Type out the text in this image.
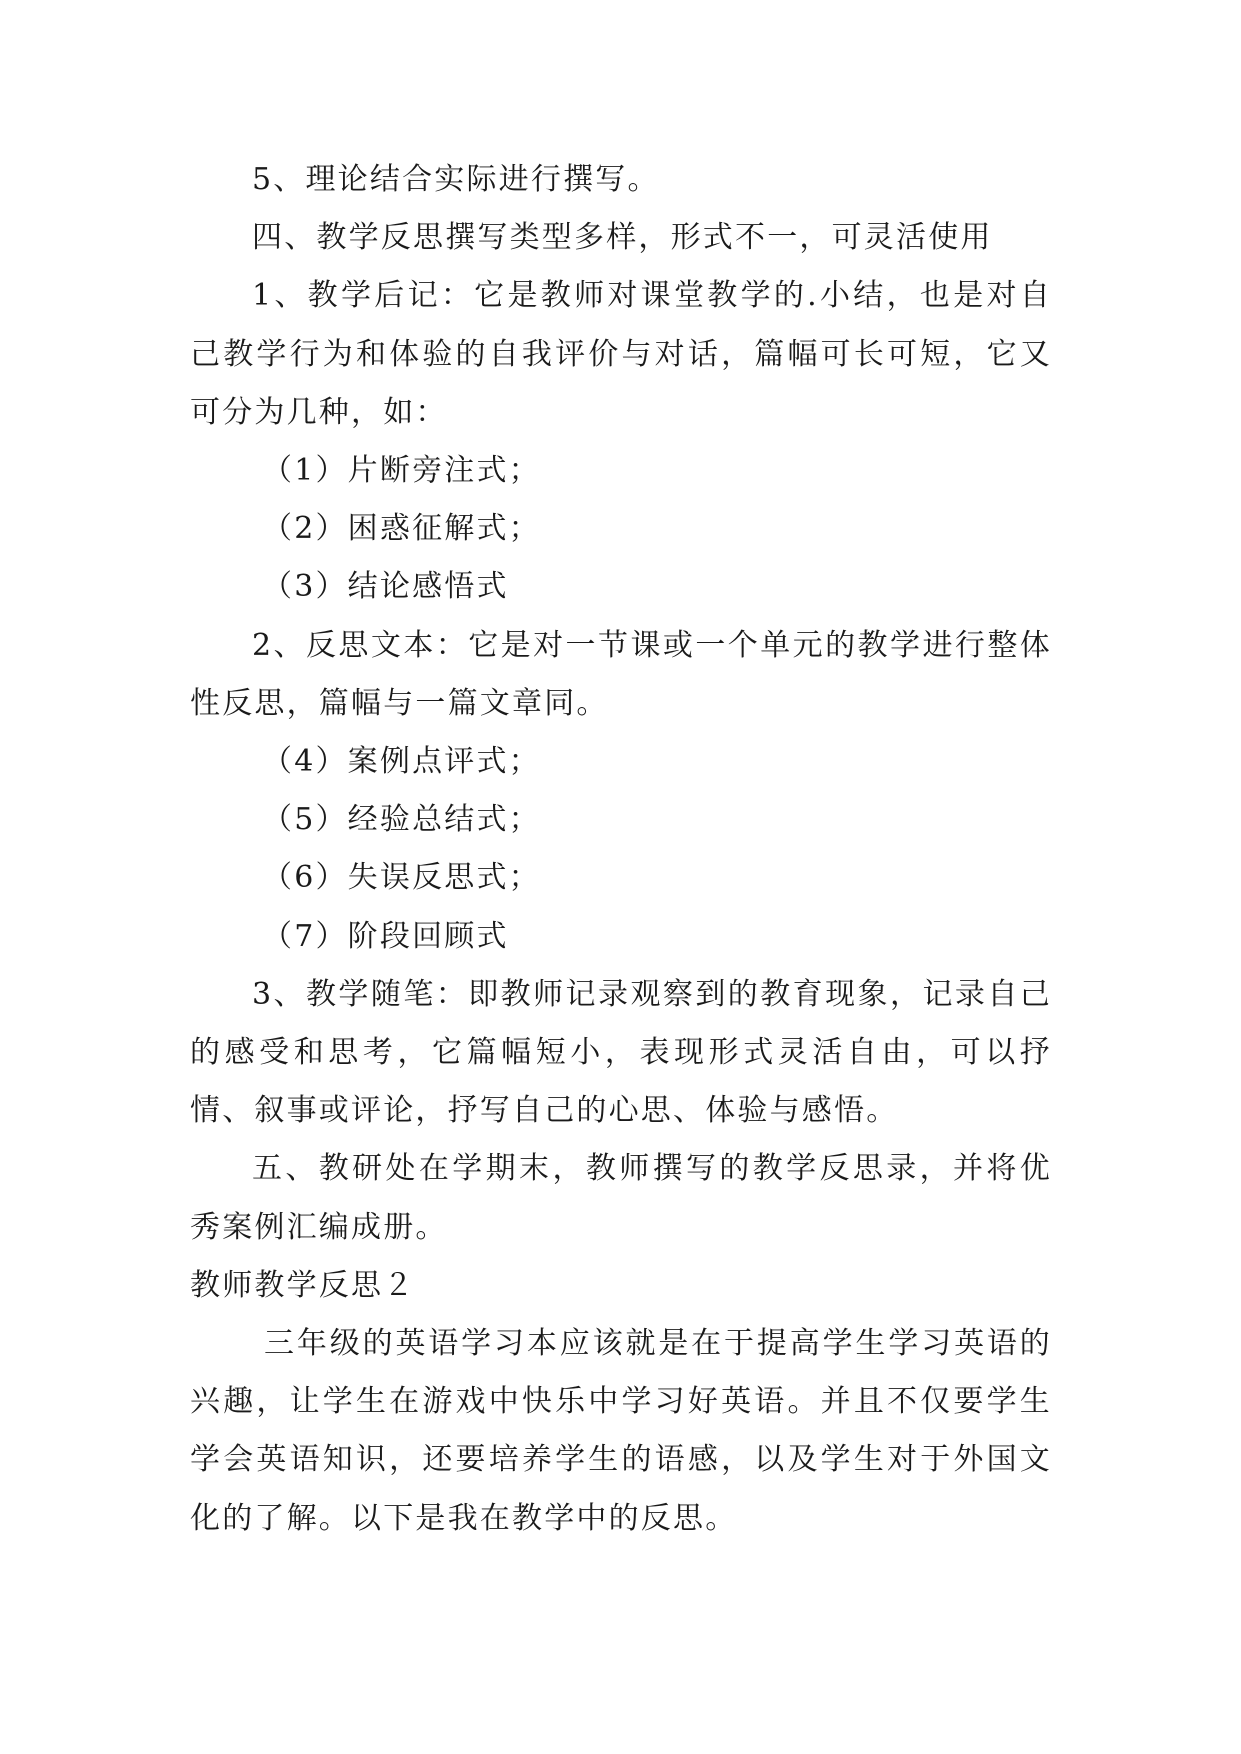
5、理论结合实际进行撰写。

四、教学反思撰写类型多样，形式不一，可灵活使用

1、教学后记：它是教师对课堂教学的.小结，也是对自己教学行为和体验的自我评价与对话，篇幅可长可短，它又可分为几种，如：

（1）片断旁注式；

（2）困惑征解式；

（3）结论感悟式

2、反思文本：它是对一节课或一个单元的教学进行整体性反思，篇幅与一篇文章同。

（4）案例点评式；

（5）经验总结式；

（6）失误反思式；

（7）阶段回顾式

3、教学随笔：即教师记录观察到的教育现象，记录自己的感受和思考，它篇幅短小，表现形式灵活自由，可以抒情、叙事或评论，抒写自己的心思、体验与感悟。

五、教研处在学期末，教师撰写的教学反思录，并将优秀案例汇编成册。

教师教学反思２

三年级的英语学习本应该就是在于提高学生学习英语的兴趣，让学生在游戏中快乐中学习好英语。并且不仅要学生学会英语知识，还要培养学生的语感，以及学生对于外国文化的了解。以下是我在教学中的反思。
